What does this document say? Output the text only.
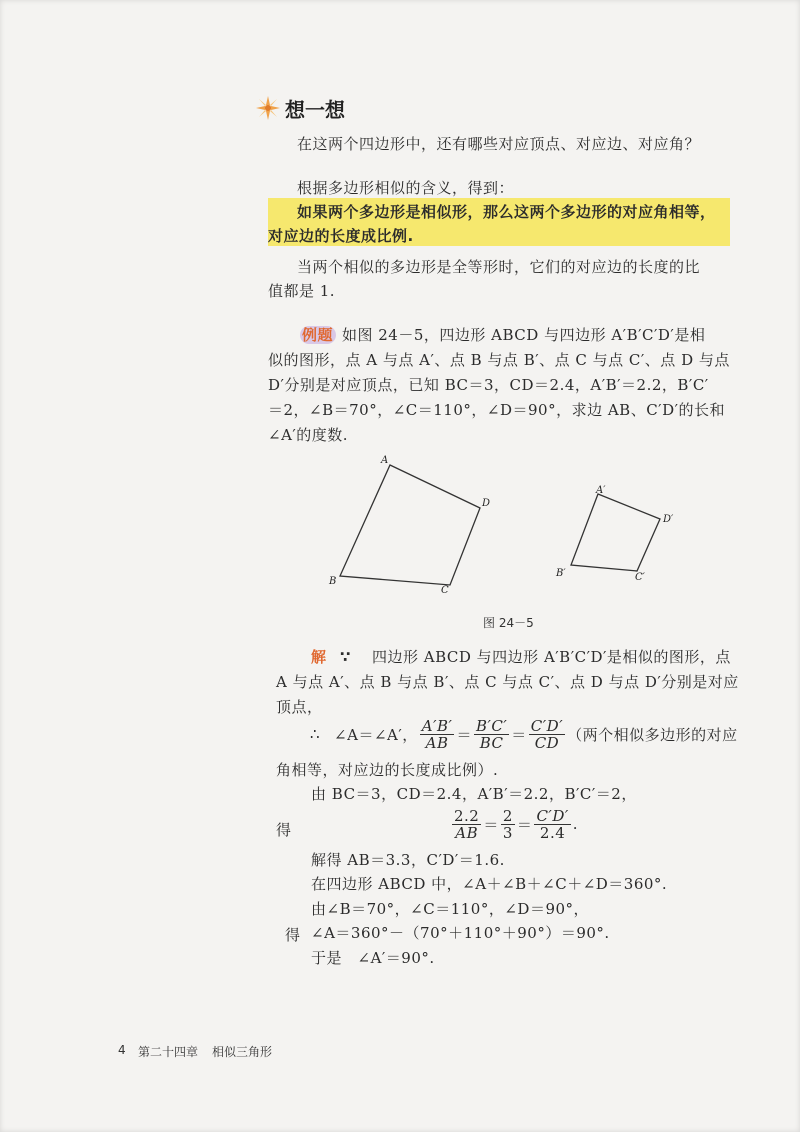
想一想
在这两个四边形中，还有哪些对应顶点、对应边、对应角？
根据多边形相似的含义，得到：
如果两个多边形是相似形，那么这两个多边形的对应角相等，
对应边的长度成比例.
当两个相似的多边形是全等形时，它们的对应边的长度的比
值都是 1.
例题 如图 24－5，四边形 ABCD 与四边形 A′B′C′D′是相
似的图形，点 A 与点 A′、点 B 与点 B′、点 C 与点 C′、点 D 与点
D′分别是对应顶点，已知 BC＝3，CD＝2.4，A′B′＝2.2，B′C′
＝2，∠B＝70°，∠C＝110°，∠D＝90°，求边 AB、C′D′的长和
∠A′的度数.
A
D
C
B
A′
D′
C′
B′
图 24－5
解 ∵ 四边形 ABCD 与四边形 A′B′C′D′是相似的图形，点
A 与点 A′、点 B 与点 B′、点 C 与点 C′、点 D 与点 D′分别是对应
顶点，
∴ ∠A＝∠A′， $\frac{A'B'}{AB} = \frac{B'C'}{BC} = \frac{C'D'}{CD}$ （两个相似多边形的对应
角相等，对应边的长度成比例）.
由 BC＝3，CD＝2.4，A′B′＝2.2，B′C′＝2，
得	$\frac{2.2}{AB} = \frac{2}{3} = \frac{C'D'}{2.4}$ .
解得 AB＝3.3，C′D′＝1.6.
在四边形 ABCD 中，∠A＋∠B＋∠C＋∠D＝360°.
由∠B＝70°，∠C＝110°，∠D＝90°，
得 ∠A＝360°－（70°＋110°＋90°）＝90°.
于是　∠A′＝90°.
4 第二十四章 相似三角形
